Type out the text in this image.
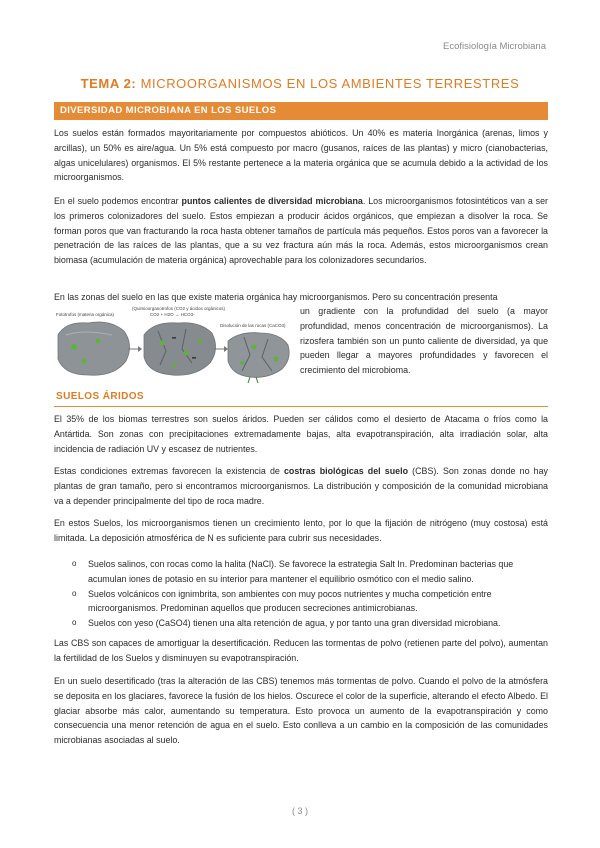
Ecofisiología Microbiana
TEMA 2: MICROORGANISMOS EN LOS AMBIENTES TERRESTRES
DIVERSIDAD MICROBIANA EN LOS SUELOS

Los suelos están formados mayoritariamente por compuestos abióticos. Un 40% es materia Inorgánica (arenas, limos y arcillas), un 50% es aire/agua. Un 5% está compuesto por macro (gusanos, raíces de las plantas) y micro (cianobacterias, algas unicelulares) organismos. El 5% restante pertenece a la materia orgánica que se acumula debido a la actividad de los microorganismos.

En el suelo podemos encontrar puntos calientes de diversidad microbiana. Los microorganismos fotosintéticos van a ser los primeros colonizadores del suelo. Estos empiezan a producir ácidos orgánicos, que empiezan a disolver la roca. Se forman poros que van fracturando la roca hasta obtener tamaños de partícula más pequeños. Estos poros van a favorecer la penetración de las raíces de las plantas, que a su vez fractura aún más la roca. Además, estos microorganismos crean biomasa (acumulación de materia orgánica) aprovechable para los colonizadores secundarios.

En las zonas del suelo en las que existe materia orgánica hay microorganismos. Pero su concentración presenta

Fototrofos (materia orgánica)
(Quimioorganotrofos (CO2 y ácidos orgánicos)
CO2 + H2O → HCO3-
Disolución de las rocas (CaCO3)

un gradiente con la profundidad del suelo (a mayor profundidad, menos concentración de microorganismos). La rizosfera también son un punto caliente de diversidad, ya que pueden llegar a mayores profundidades y favorecen el crecimiento del microbioma.

SUELOS ÁRIDOS

El 35% de los biomas terrestres son suelos áridos. Pueden ser cálidos como el desierto de Atacama o fríos como la Antártida. Son zonas con precipitaciones extremadamente bajas, alta evapotranspiración, alta irradiación solar, alta incidencia de radiación UV y escasez de nutrientes.

Estas condiciones extremas favorecen la existencia de costras biológicas del suelo (CBS). Son zonas donde no hay plantas de gran tamaño, pero si encontramos microorganismos. La distribución y composición de la comunidad microbiana va a depender principalmente del tipo de roca madre.

En estos Suelos, los microorganismos tienen un crecimiento lento, por lo que la fijación de nitrógeno (muy costosa) está limitada. La deposición atmosférica de N es suficiente para cubrir sus necesidades.

o Suelos salinos, con rocas como la halita (NaCl). Se favorece la estrategia Salt In. Predominan bacterias que acumulan iones de potasio en su interior para mantener el equilibrio osmótico con el medio salino.
o Suelos volcánicos con ignimbrita, son ambientes con muy pocos nutrientes y mucha competición entre microorganismos. Predominan aquellos que producen secreciones antimicrobianas.
o Suelos con yeso (CaSO4) tienen una alta retención de agua, y por tanto una gran diversidad microbiana.

Las CBS son capaces de amortiguar la desertificación. Reducen las tormentas de polvo (retienen parte del polvo), aumentan la fertilidad de los Suelos y disminuyen su evapotranspiración.

En un suelo desertificado (tras la alteración de las CBS) tenemos más tormentas de polvo. Cuando el polvo de la atmósfera se deposita en los glaciares, favorece la fusión de los hielos. Oscurece el color de la superficie, alterando el efecto Albedo. El glaciar absorbe más calor, aumentando su temperatura. Esto provoca un aumento de la evapotranspiración y como consecuencia una menor retención de agua en el suelo. Esto conlleva a un cambio en la composición de las comunidades microbianas asociadas al suelo.

( 3 )
